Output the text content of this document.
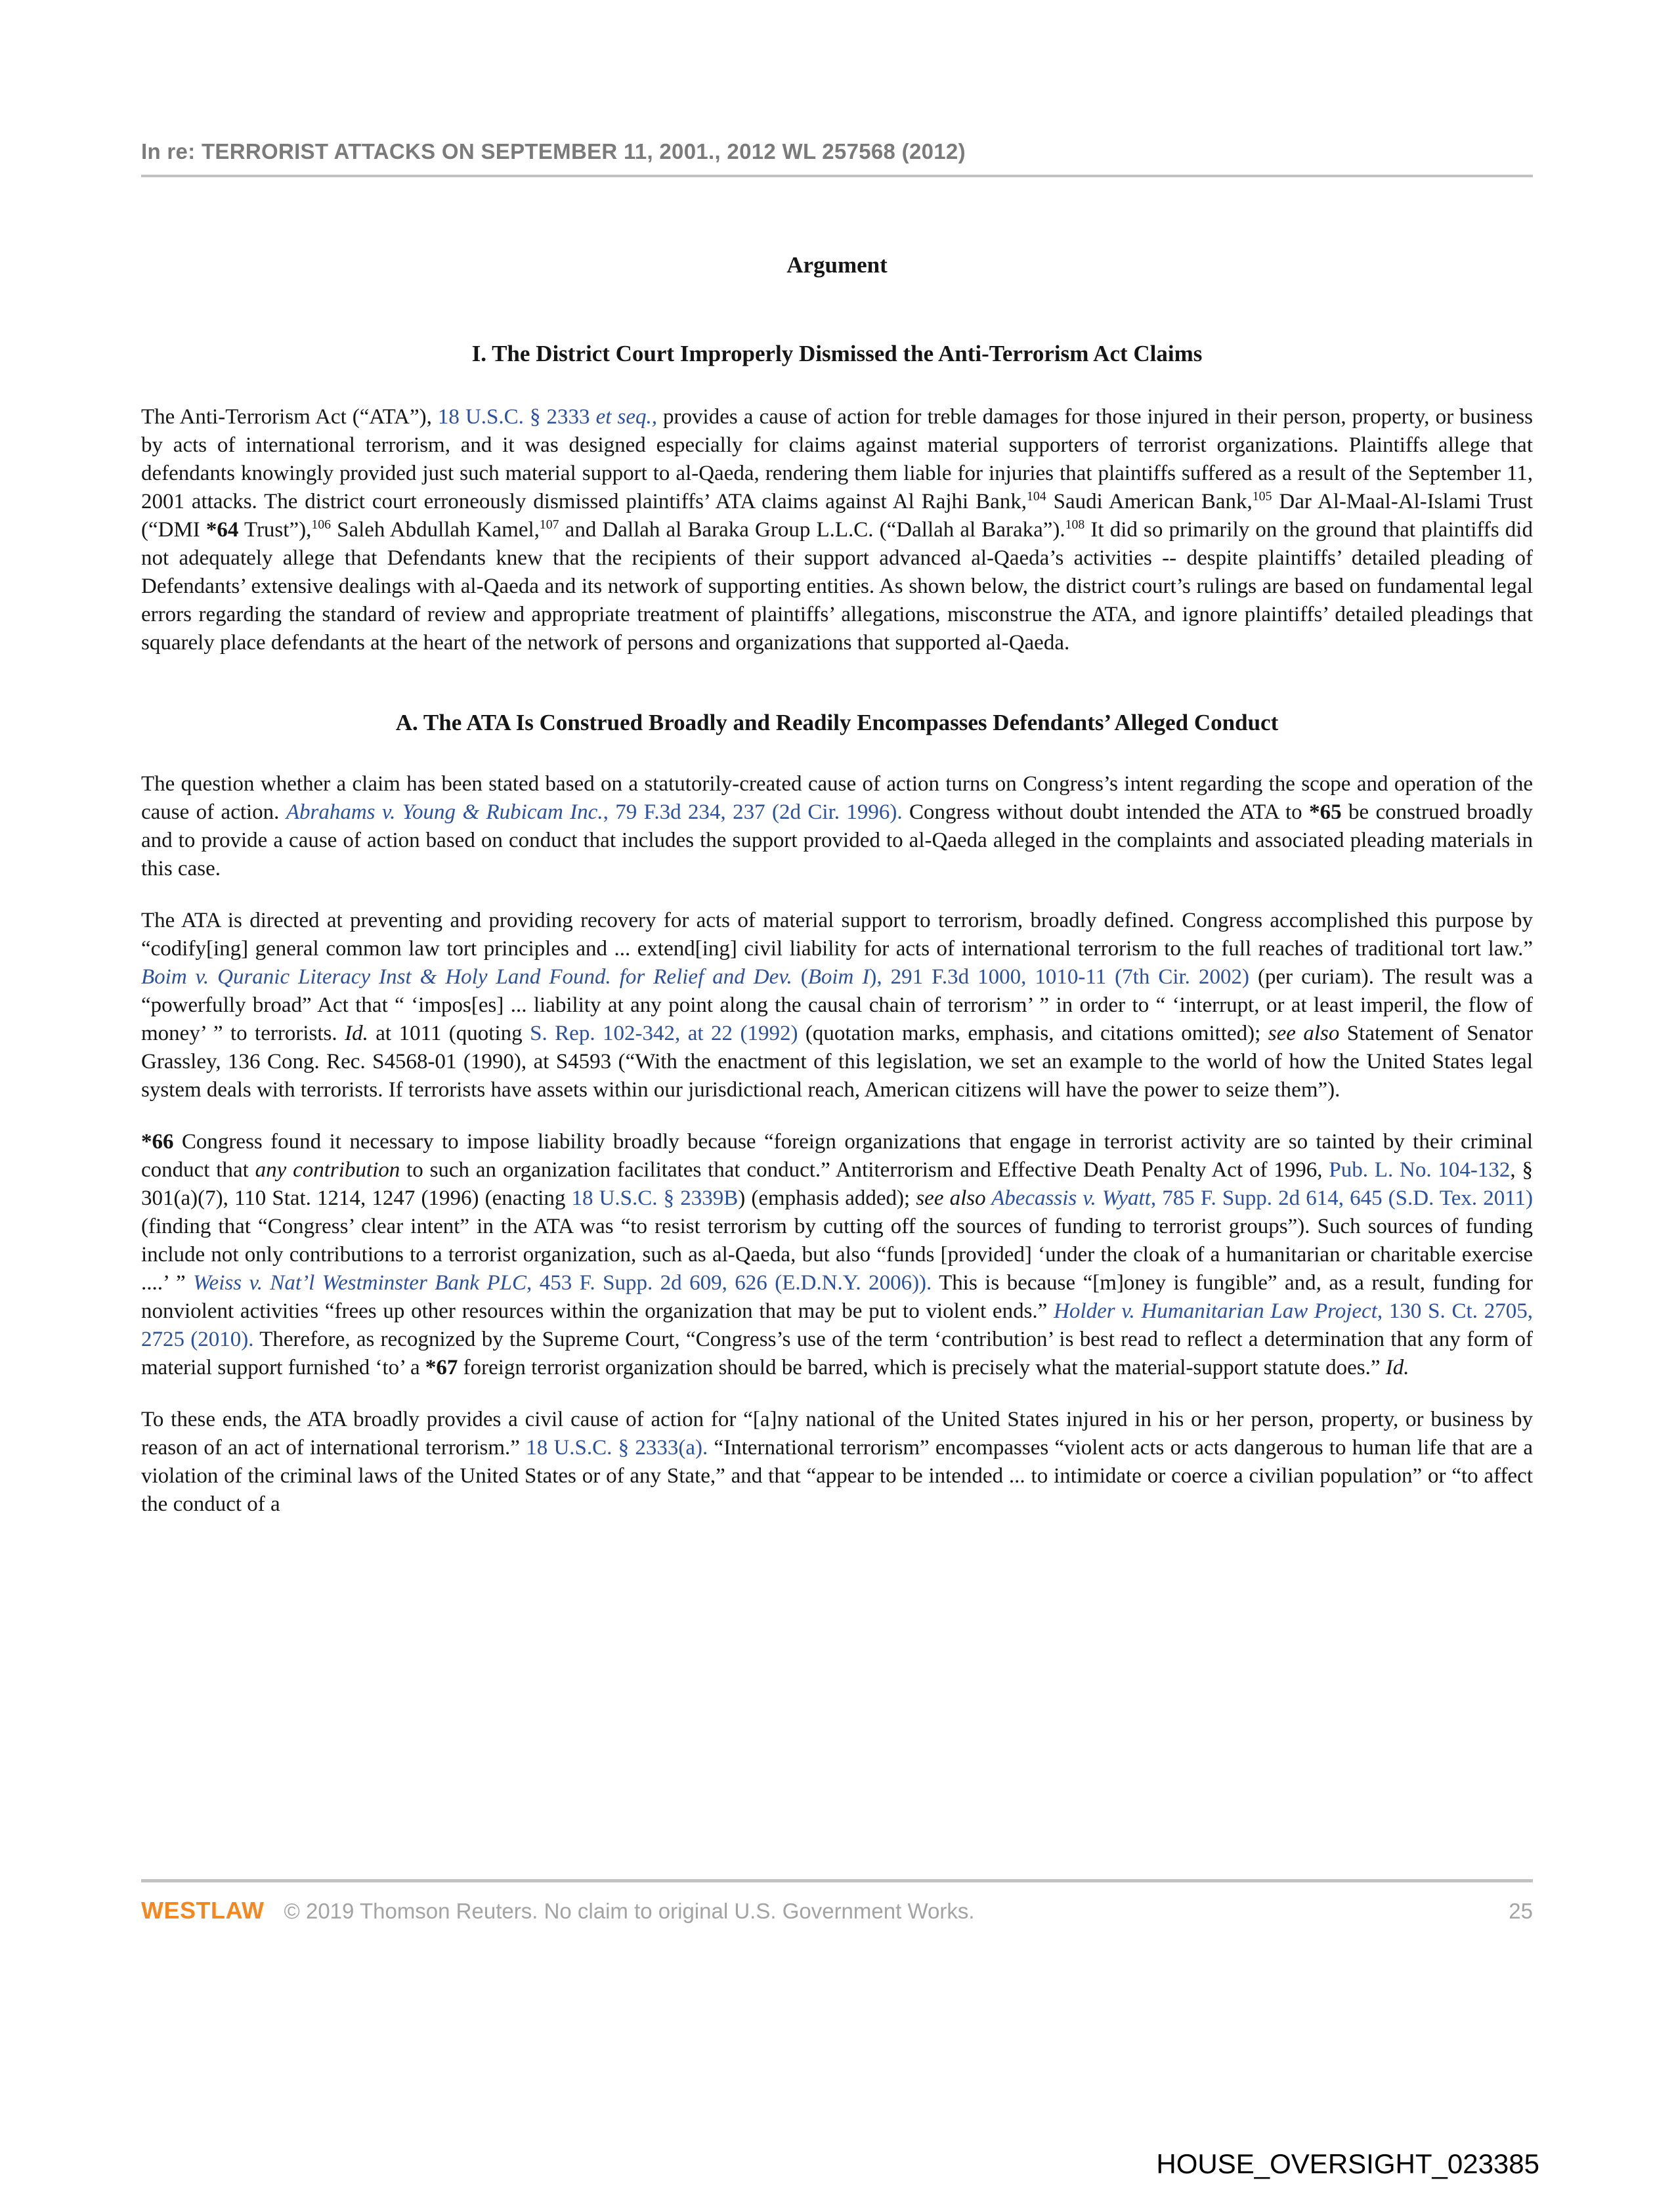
In re: TERRORIST ATTACKS ON SEPTEMBER 11, 2001., 2012 WL 257568 (2012)
Argument
I. The District Court Improperly Dismissed the Anti-Terrorism Act Claims

The Anti-Terrorism Act (“ATA”), 18 U.S.C. § 2333 et seq., provides a cause of action for treble damages for those injured in their person, property, or business by acts of international terrorism, and it was designed especially for claims against material supporters of terrorist organizations. Plaintiffs allege that defendants knowingly provided just such material support to al-Qaeda, rendering them liable for injuries that plaintiffs suffered as a result of the September 11, 2001 attacks. The district court erroneously dismissed plaintiffs’ ATA claims against Al Rajhi Bank,$^{104}$ Saudi American Bank,$^{105}$ Dar Al-Maal-Al-Islami Trust (“DMI *64 Trust”),$^{106}$ Saleh Abdullah Kamel,$^{107}$ and Dallah al Baraka Group L.L.C. (“Dallah al Baraka”).$^{108}$ It did so primarily on the ground that plaintiffs did not adequately allege that Defendants knew that the recipients of their support advanced al-Qaeda’s activities -- despite plaintiffs’ detailed pleading of Defendants’ extensive dealings with al-Qaeda and its network of supporting entities. As shown below, the district court’s rulings are based on fundamental legal errors regarding the standard of review and appropriate treatment of plaintiffs’ allegations, misconstrue the ATA, and ignore plaintiffs’ detailed pleadings that squarely place defendants at the heart of the network of persons and organizations that supported al-Qaeda.

A. The ATA Is Construed Broadly and Readily Encompasses Defendants’ Alleged Conduct

The question whether a claim has been stated based on a statutorily-created cause of action turns on Congress’s intent regarding the scope and operation of the cause of action. Abrahams v. Young & Rubicam Inc., 79 F.3d 234, 237 (2d Cir. 1996). Congress without doubt intended the ATA to *65 be construed broadly and to provide a cause of action based on conduct that includes the support provided to al-Qaeda alleged in the complaints and associated pleading materials in this case.

The ATA is directed at preventing and providing recovery for acts of material support to terrorism, broadly defined. Congress accomplished this purpose by “codify[ing] general common law tort principles and ... extend[ing] civil liability for acts of international terrorism to the full reaches of traditional tort law.” Boim v. Quranic Literacy Inst & Holy Land Found. for Relief and Dev. (Boim I), 291 F.3d 1000, 1010-11 (7th Cir. 2002) (per curiam). The result was a “powerfully broad” Act that “ ‘impos[es] ... liability at any point along the causal chain of terrorism’ ” in order to “ ‘interrupt, or at least imperil, the flow of money’ ” to terrorists. Id. at 1011 (quoting S. Rep. 102-342, at 22 (1992) (quotation marks, emphasis, and citations omitted); see also Statement of Senator Grassley, 136 Cong. Rec. S4568-01 (1990), at S4593 (“With the enactment of this legislation, we set an example to the world of how the United States legal system deals with terrorists. If terrorists have assets within our jurisdictional reach, American citizens will have the power to seize them”).

*66 Congress found it necessary to impose liability broadly because “foreign organizations that engage in terrorist activity are so tainted by their criminal conduct that any contribution to such an organization facilitates that conduct.” Antiterrorism and Effective Death Penalty Act of 1996, Pub. L. No. 104-132, § 301(a)(7), 110 Stat. 1214, 1247 (1996) (enacting 18 U.S.C. § 2339B) (emphasis added); see also Abecassis v. Wyatt, 785 F. Supp. 2d 614, 645 (S.D. Tex. 2011) (finding that “Congress’ clear intent” in the ATA was “to resist terrorism by cutting off the sources of funding to terrorist groups”). Such sources of funding include not only contributions to a terrorist organization, such as al-Qaeda, but also “funds [provided] ‘under the cloak of a humanitarian or charitable exercise ....’ ” Weiss v. Nat’l Westminster Bank PLC, 453 F. Supp. 2d 609, 626 (E.D.N.Y. 2006)). This is because “[m]oney is fungible” and, as a result, funding for nonviolent activities “frees up other resources within the organization that may be put to violent ends.” Holder v. Humanitarian Law Project, 130 S. Ct. 2705, 2725 (2010). Therefore, as recognized by the Supreme Court, “Congress’s use of the term ‘contribution’ is best read to reflect a determination that any form of material support furnished ‘to’ a *67 foreign terrorist organization should be barred, which is precisely what the material-support statute does.” Id.

To these ends, the ATA broadly provides a civil cause of action for “[a]ny national of the United States injured in his or her person, property, or business by reason of an act of international terrorism.” 18 U.S.C. § 2333(a). “International terrorism” encompasses “violent acts or acts dangerous to human life that are a violation of the criminal laws of the United States or of any State,” and that “appear to be intended ... to intimidate or coerce a civilian population” or “to affect the conduct of a

WESTLAW © 2019 Thomson Reuters. No claim to original U.S. Government Works.	25
HOUSE_OVERSIGHT_023385
